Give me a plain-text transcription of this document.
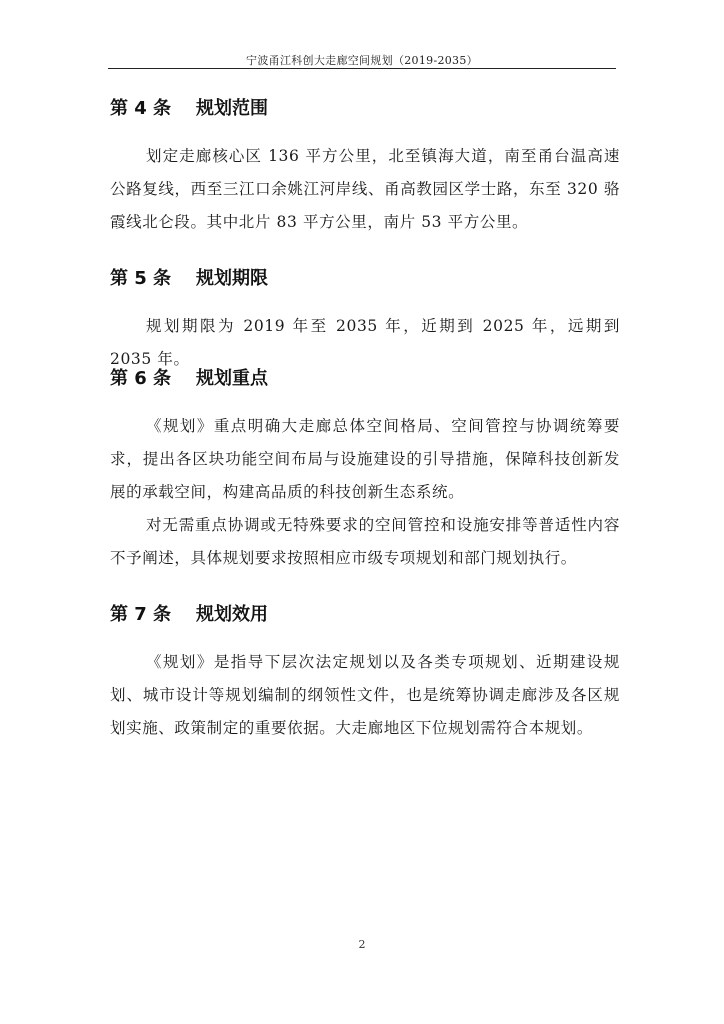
宁波甬江科创大走廊空间规划（2019-2035）
第 4 条 规划范围

划定走廊核心区 136 平方公里，北至镇海大道，南至甬台温高速公路复线，西至三江口余姚江河岸线、甬高教园区学士路，东至 320 骆霞线北仑段。其中北片 83 平方公里，南片 53 平方公里。

第 5 条 规划期限

规划期限为 2019 年至 2035 年，近期到 2025 年，远期到 2035 年。

第 6 条 规划重点

《规划》重点明确大走廊总体空间格局、空间管控与协调统筹要求，提出各区块功能空间布局与设施建设的引导措施，保障科技创新发展的承载空间，构建高品质的科技创新生态系统。

对无需重点协调或无特殊要求的空间管控和设施安排等普适性内容不予阐述，具体规划要求按照相应市级专项规划和部门规划执行。

第 7 条 规划效用

《规划》是指导下层次法定规划以及各类专项规划、近期建设规划、城市设计等规划编制的纲领性文件，也是统筹协调走廊涉及各区规划实施、政策制定的重要依据。大走廊地区下位规划需符合本规划。

2
